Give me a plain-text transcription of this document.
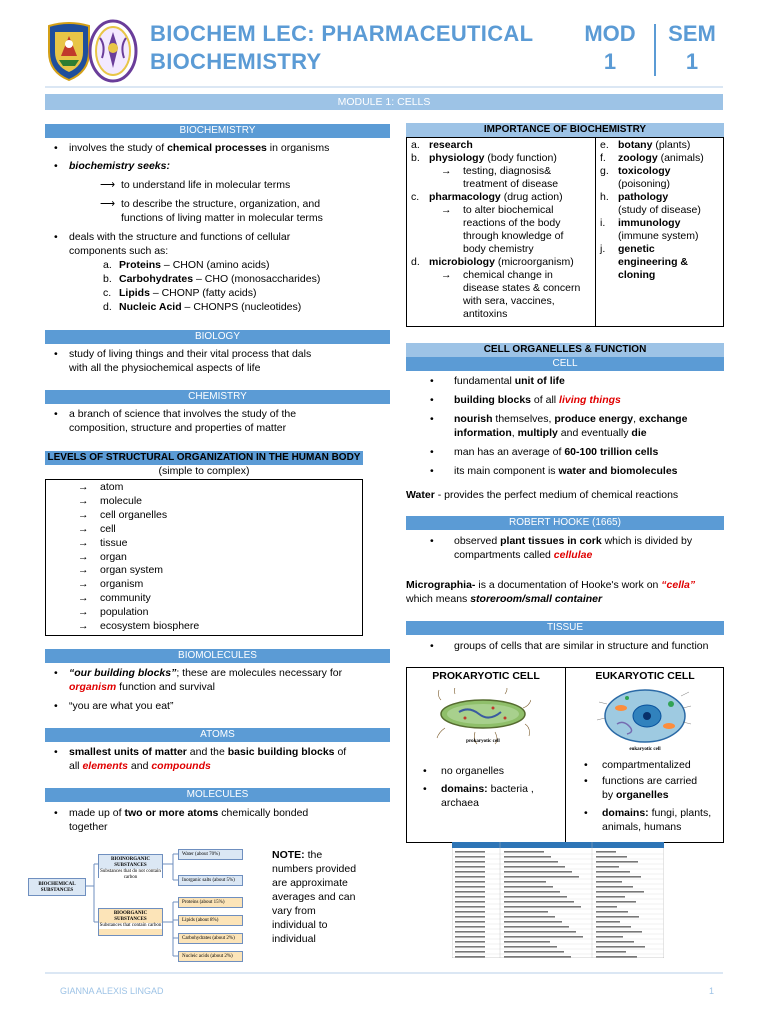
BIOCHEM LEC: PHARMACEUTICAL
BIOCHEMISTRY
MOD
1
SEM
1
MODULE 1: CELLS
BIOCHEMISTRY
• involves the study of chemical processes in organisms
• biochemistry seeks:
⟶ to understand life in molecular terms
⟶ to describe the structure, organization, and
functions of living matter in molecular terms
• deals with the structure and functions of cellular
components such as:
a. Proteins – CHON (amino acids)
b. Carbohydrates – CHO (monosaccharides)
c. Lipids – CHONP (fatty acids)
d. Nucleic Acid – CHONPS (nucleotides)
BIOLOGY
• study of living things and their vital process that dals
with all the physiochemical aspects of life
CHEMISTRY
• a branch of science that involves the study of the
composition, structure and properties of matter
LEVELS OF STRUCTURAL ORGANIZATION IN THE HUMAN BODY
(simple to complex)
→ atom
→ molecule
→ cell organelles
→ cell
→ tissue
→ organ
→ organ system
→ organism
→ community
→ population
→ ecosystem biosphere
BIOMOLECULES
• “our building blocks”; these are molecules necessary for
organism function and survival
• “you are what you eat”
ATOMS
• smallest units of matter and the basic building blocks of
all elements and compounds
MOLECULES
• made up of two or more atoms chemically bonded
together
BIOCHEMICAL SUBSTANCES
BIOINORGANIC SUBSTANCES
Substances that do not contain carbon
BIOORGANIC SUBSTANCES
Substances that contain carbon
Water (about 70%)
Inorganic salts (about 5%)
Proteins (about 15%)
Lipids (about 8%)
Carbohydrates (about 2%)
Nucleic acids (about 2%)
NOTE: the
numbers provided
are approximate
averages and can
vary from
individual to
individual
IMPORTANCE OF BIOCHEMISTRY
a. research
b. physiology (body function)
→ testing, diagnosis&
treatment of disease
c. pharmacology (drug action)
→ to alter biochemical
reactions of the body
through knowledge of
body chemistry
d. microbiology (microorganism)
→ chemical change in
disease states & concern
with sera, vaccines,
antitoxins
e. botany (plants)
f. zoology (animals)
g. toxicology
(poisoning)
h. pathology
(study of disease)
i. immunology
(immune system)
j. genetic
engineering &
cloning
CELL ORGANELLES & FUNCTION
CELL
• fundamental unit of life
• building blocks of all living things
• nourish themselves, produce energy, exchange
information, multiply and eventually die
• man has an average of 60-100 trillion cells
• its main component is water and biomolecules
Water - provides the perfect medium of chemical reactions
ROBERT HOOKE (1665)
• observed plant tissues in cork which is divided by
compartments called cellulae
Micrographia- is a documentation of Hooke's work on “cella”
which means storeroom/small container
TISSUE
• groups of cells that are similar in structure and function
PROKARYOTIC CELL
prokaryotic cell
• no organelles
• domains: bacteria ,
archaea
EUKARYOTIC CELL
eukaryotic cell
• compartmentalized
• functions are carried
by organelles
• domains: fungi, plants,
animals, humans
GIANNA ALEXIS LINGAD	1
